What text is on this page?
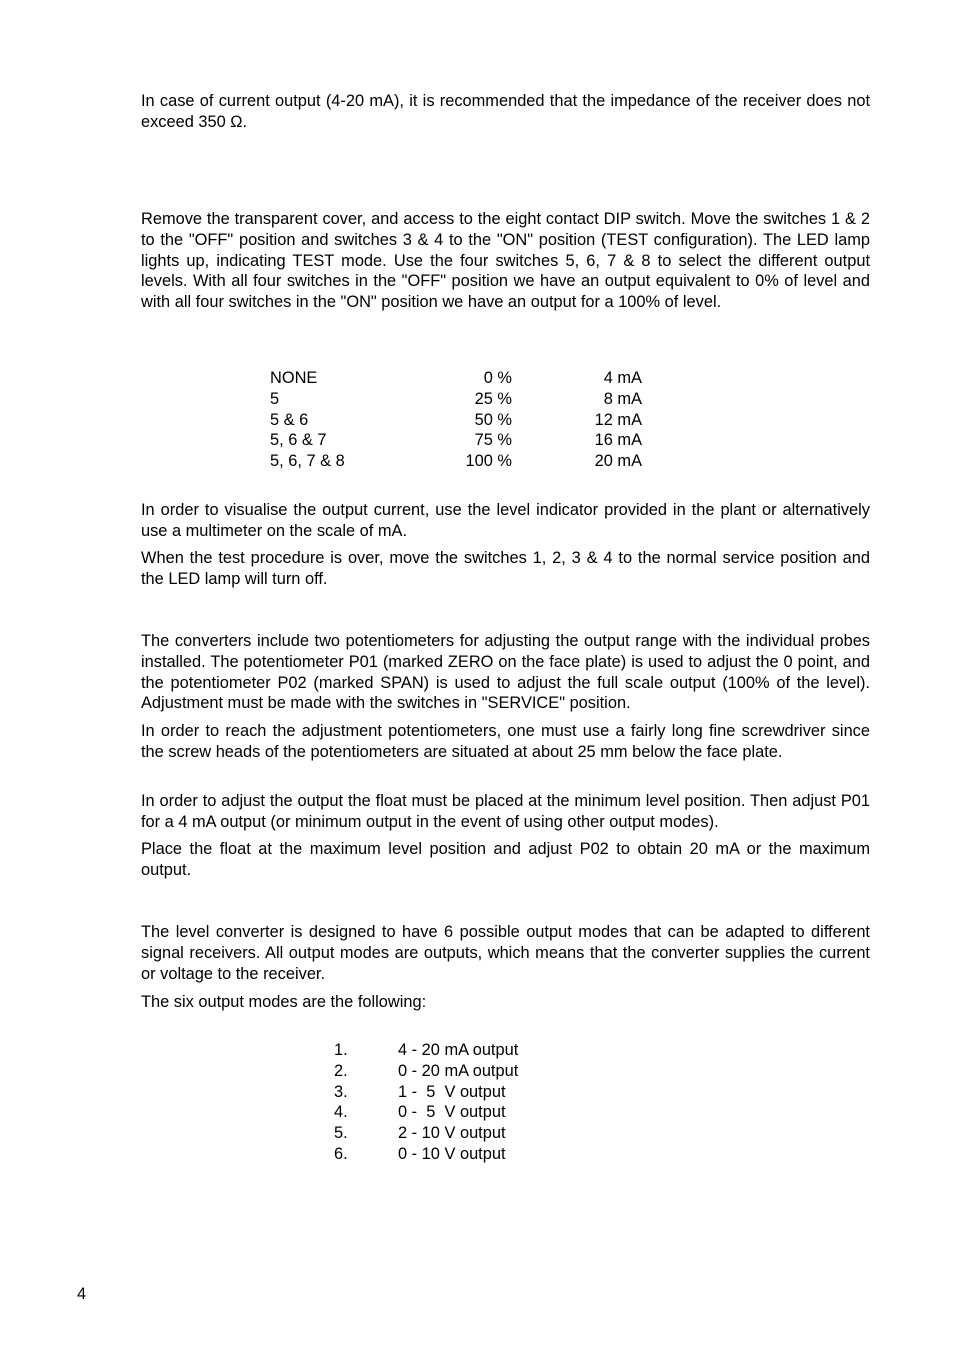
In case of current output (4-20 mA), it is recommended that the impedance of the receiver does not exceed 350 Ω.

Remove the transparent cover, and access to the eight contact DIP switch. Move the switches 1 & 2 to the "OFF" position and switches 3 & 4 to the "ON" position (TEST configuration). The LED lamp lights up, indicating TEST mode. Use the four switches 5, 6, 7 & 8 to select the different output levels. With all four switches in the "OFF" position we have an output equivalent to 0% of level and with all four switches in the "ON" position we have an output for a 100% of level.

NONE	0 %	4 mA
5	25 %	8 mA
5 & 6	50 %	12 mA
5, 6 & 7	75 %	16 mA
5, 6, 7 & 8	100 %	20 mA

In order to visualise the output current, use the level indicator provided in the plant or alternatively use a multimeter on the scale of mA.

When the test procedure is over, move the switches 1, 2, 3 & 4 to the normal service position and the LED lamp will turn off.

The converters include two potentiometers for adjusting the output range with the individual probes installed. The potentiometer P01 (marked ZERO on the face plate) is used to adjust the 0 point, and the potentiometer P02 (marked SPAN) is used to adjust the full scale output (100% of the level). Adjustment must be made with the switches in "SERVICE" position.

In order to reach the adjustment potentiometers, one must use a fairly long fine screwdriver since the screw heads of the potentiometers are situated at about 25 mm below the face plate.

In order to adjust the output the float must be placed at the minimum level position. Then adjust P01 for a 4 mA output (or minimum output in the event of using other output modes).

Place the float at the maximum level position and adjust P02 to obtain 20 mA or the maximum output.

The level converter is designed to have 6 possible output modes that can be adapted to different signal receivers. All output modes are outputs, which means that the converter supplies the current or voltage to the receiver.

The six output modes are the following:

1.	4 - 20 mA output
2.	0 - 20 mA output
3.	1 -  5  V output
4.	0 -  5  V output
5.	2 - 10 V output
6.	0 - 10 V output
4
